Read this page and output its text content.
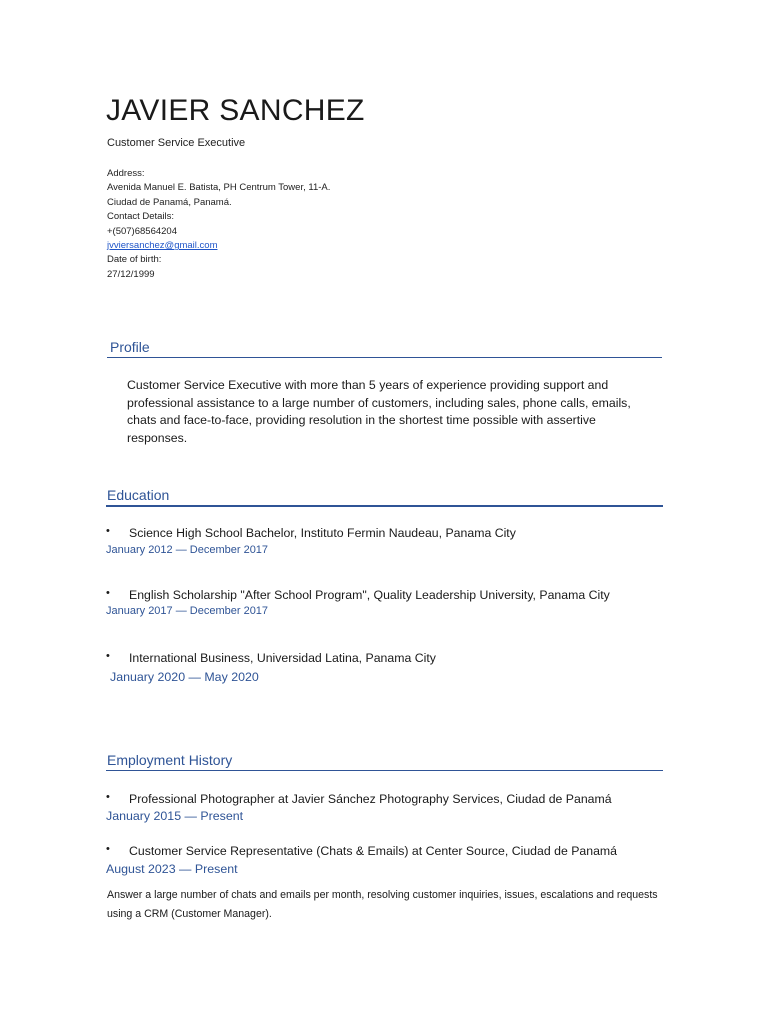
JAVIER SANCHEZ
Customer Service Executive
Address:
Avenida Manuel E. Batista, PH Centrum Tower, 11-A.
Ciudad de Panamá, Panamá.
Contact Details:
+(507)68564204
jvviersanchez@gmail.com
Date of birth:
27/12/1999
Profile
Customer Service Executive with more than 5 years of experience providing support and professional assistance to a large number of customers, including sales, phone calls, emails, chats and face-to-face, providing resolution in the shortest time possible with assertive responses.
Education
• Science High School Bachelor, Instituto Fermin Naudeau, Panama City
January 2012 — December 2017
• English Scholarship "After School Program", Quality Leadership University, Panama City
January 2017 — December 2017
• International Business, Universidad Latina, Panama City
January 2020 — May 2020
Employment History
• Professional Photographer at Javier Sánchez Photography Services, Ciudad de Panamá
January 2015 — Present
• Customer Service Representative (Chats & Emails) at Center Source, Ciudad de Panamá
August 2023 — Present
Answer a large number of chats and emails per month, resolving customer inquiries, issues, escalations and requests using a CRM (Customer Manager).
